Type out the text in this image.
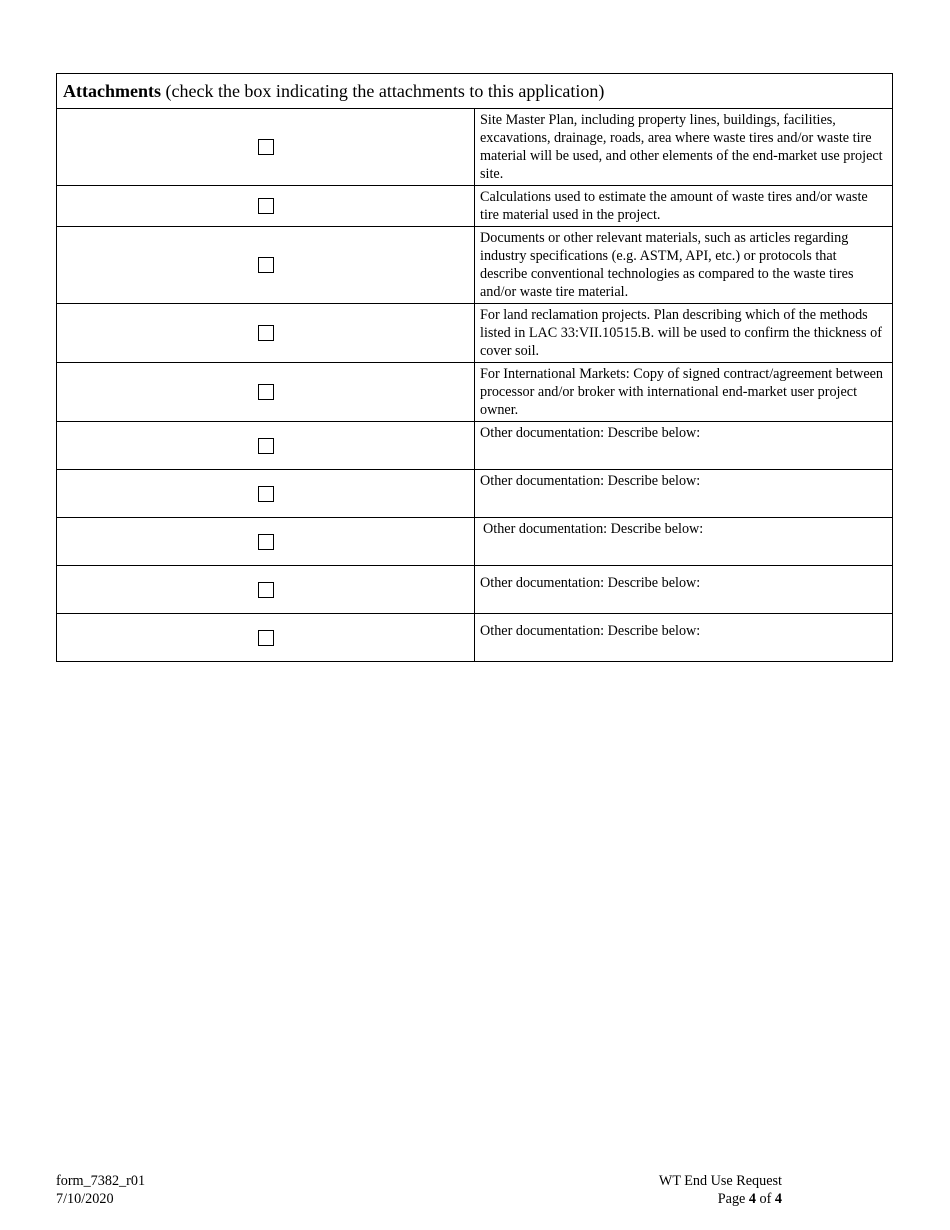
Attachments (check the box indicating the attachments to this application)	
	Site Master Plan, including property lines, buildings, facilities, excavations, drainage, roads, area where waste tires and/or waste tire material will be used, and other elements of the end-market use project site.
	Calculations used to estimate the amount of waste tires and/or waste tire material used in the project.
	Documents or other relevant materials, such as articles regarding industry specifications (e.g. ASTM, API, etc.) or protocols that describe conventional technologies as compared to the waste tires and/or waste tire material.
	For land reclamation projects. Plan describing which of the methods listed in LAC 33:VII.10515.B. will be used to confirm the thickness of cover soil.
	For International Markets: Copy of signed contract/agreement between processor and/or broker with international end-market user project owner.
	Other documentation: Describe below:
	Other documentation: Describe below:
	Other documentation: Describe below:
	Other documentation: Describe below:
	Other documentation: Describe below:
form_7382_r01
7/10/2020
WT End Use Request
Page 4 of 4
